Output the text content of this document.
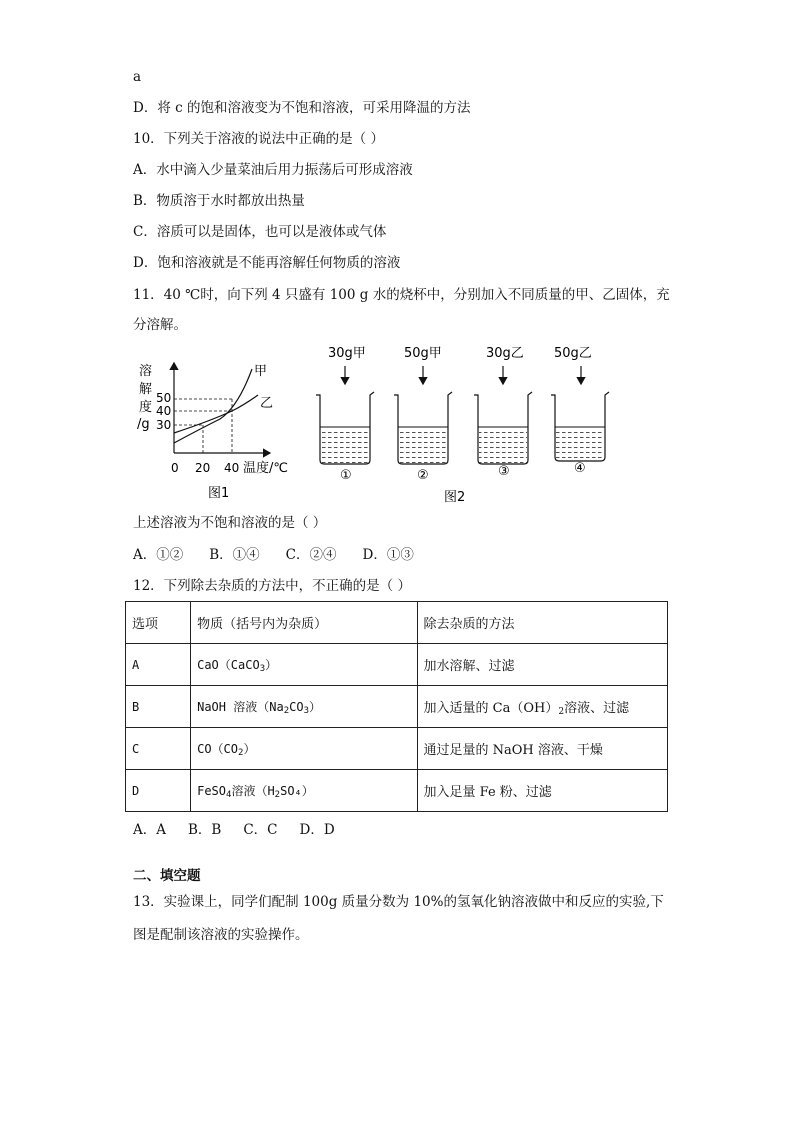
a
D．将 c 的饱和溶液变为不饱和溶液，可采用降温的方法
10．下列关于溶液的说法中正确的是（ ）
A．水中滴入少量菜油后用力振荡后可形成溶液
B．物质溶于水时都放出热量
C．溶质可以是固体，也可以是液体或气体
D．饱和溶液就是不能再溶解任何物质的溶液
11．40 ℃时，向下列 4 只盛有 100 g 水的烧杯中，分别加入不同质量的甲、乙固体，充
分溶解。
溶
解
度
/g
50
40
30
甲
乙
0 20 40 温度/℃
图1
30g甲
①
50g甲
②
30g乙
③
50g乙
④
图2
上述溶液为不饱和溶液的是（ ）
A．①② B．①④ C．②④ D．①③
12．下列除去杂质的方法中，不正确的是（ ）
选项	物质（括号内为杂质）	除去杂质的方法
A	CaO（CaCO$_3$）	加水溶解、过滤
B	NaOH 溶液$(Na_2CO_3)$	加入适量的 $Ca(OH)_2$溶液、过滤
C	$CO(CO_2)$	通过足量的 NaOH 溶液、干燥
D	FeSO$_4$溶液$(H_2SO_4)$	加入足量 Fe 粉、过滤
A．A B．B C．C D．D
二、填空题
13．实验课上，同学们配制 100g 质量分数为 10%的氢氧化钠溶液做中和反应的实验,下
图是配制该溶液的实验操作。
